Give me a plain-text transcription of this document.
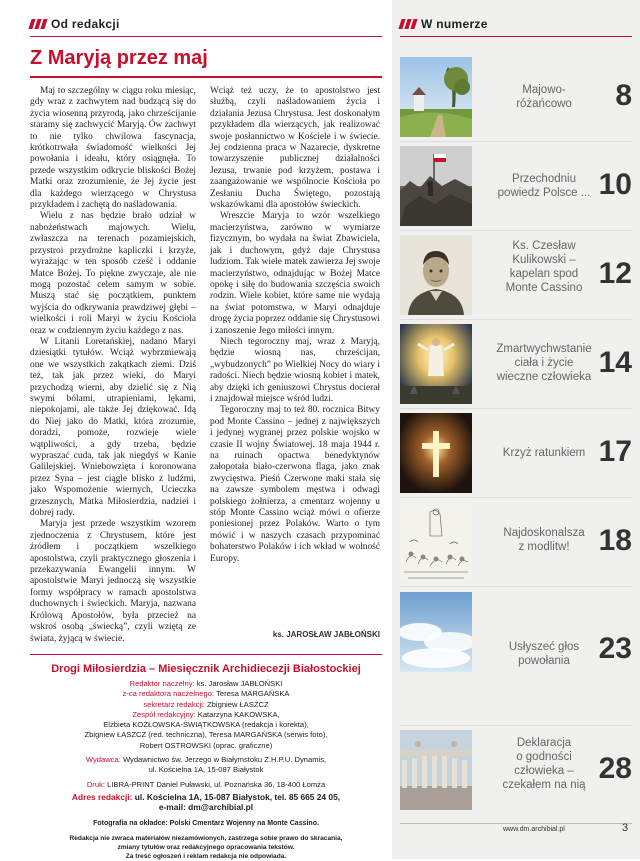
Od redakcji	W numerze
Z Maryją przez maj

Maj to szczególny w ciągu roku miesiąc, gdy wraz z zachwytem nad budzącą się do życia wiosenną przyrodą, jako chrześcijanie staramy się zachwycić Maryją. Ów zachwyt to nie tylko chwilowa fascynacja, krótkotrwała świadomość wielkości Jej powołania i ideału, który osiągnęła. To przede wszystkim odkrycie bliskości Bożej Matki oraz zrozumienie, że Jej życie jest dla każdego wierzącego w Chrystusa przykładem i zachętą do naśladowania.

Wielu z nas będzie brało udział w nabożeństwach majowych. Wielu, zwłaszcza na terenach pozamiejskich, przystroi przydrożne kapliczki i krzyże, wyrażając w ten sposób cześć i oddanie Matce Bożej. To piękne zwyczaje, ale nie mogą pozostać celem samym w sobie. Muszą stać się początkiem, punktem wyjścia do odkrywania prawdziwej głębi – wielkości i roli Maryi w życiu Kościoła oraz w codziennym życiu każdego z nas.

W Litanii Loretańskiej, nadano Maryi dziesiątki tytułów. Wciąż wybrzmiewają one we wszystkich zakątkach ziemi. Dziś też, tak jak przez wieki, do Maryi przychodzą wierni, aby dzielić się z Nią swymi bólami, utrapieniami, lękami, niepokojami, ale także Jej dziękować. Idą do Niej jako do Matki, która zrozumie, doradzi, pomoże, rozwieje wiele wątpliwości, a gdy trzeba, będzie wypraszać cuda, tak jak niegdyś w Kanie Galilejskiej. Wniebowzięta i koronowana przez Syna – jest ciągle blisko z ludźmi, jako Wspomożenie wiernych, Ucieczka grzesznych, Matka Miłosierdzia, nadziei i dobrej rady.

Maryja jest przede wszystkim wzorem zjednoczenia z Chrystusem, które jest źródłem i początkiem wszelkiego apostolstwa, czyli praktycznego głoszenia i przekazywania Ewangelii innym. W apostolstwie Maryi jednoczą się wszystkie formy współpracy w ramach apostolstwa duchownych i świeckich. Maryja, nazwana Królową Apostołów, była przecież na wskroś osobą „świecką”, czyli wziętą ze świata, żyjącą w świecie.

Wciąż też uczy, że to apostolstwo jest służbą, czyli naśladowaniem życia i działania Jezusa Chrystusa. Jest doskonałym przykładem dla wierzących, jak realizować swoje posłannictwo w Kościele i w świecie. Jej codzienna praca w Nazarecie, dyskretne towarzyszenie publicznej działalności Jezusa, trwanie pod krzyżem, postawa i zaangażowanie we wspólnocie Kościoła po Zesłaniu Ducha Świętego, pozostają wskazówkami dla apostołów świeckich.

Wreszcie Maryja to wzór wszelkiego macierzyństwa, zarówno w wymiarze fizycznym, bo wydała na świat Zbawiciela, jak i duchowym, gdyż daje Chrystusa ludziom. Tak wiele matek zawierza Jej swoje macierzyństwo, odnajdując w Bożej Matce opokę i siłę do budowania szczęścia swoich rodzin. Wiele kobiet, które same nie wydają na świat potomstwa, w Maryi odnajduje drogę życia poprzez oddanie się Chrystusowi i zanoszenie Jego miłości innym.

Niech tegoroczny maj, wraz z Maryją, będzie wiosną nas, chrześcijan, „wybudzonych” po Wielkiej Nocy do wiary i radości. Niech będzie wiosną kobiet i matek, aby dzięki ich geniuszowi Chrystus docierał i znajdował miejsce wśród ludzi.

Tegoroczny maj to też 80. rocznica Bitwy pod Monte Cassino – jednej z największych i jedynej wygranej przez polskie wojsko w czasie II wojny Światowej. 18 maja 1944 r. na ruinach opactwa benedyktynów załopotała biało-czerwona flaga, jako znak zwycięstwa. Pieśń Czerwone maki stała się na zawsze symbolem męstwa i odwagi polskiego żołnierza, a cmentarz wojenny u stóp Monte Cassino wciąż mówi o ofierze poniesionej przez Polaków. Warto o tym mówić i w naszych czasach przypominać bohaterstwo Polaków i ich wkład w wolność Europy.

ks. JAROSŁAW JABŁOŃSKI
Drogi Miłosierdzia – Miesięcznik Archidiecezji Białostockiej
Redaktor naczelny: ks. Jarosław JABŁOŃSKI
z-ca redaktora naczelnego: Teresa MARGAŃSKA
sekretarz redakcji: Zbigniew ŁASZCZ
Zespół redakcyjny: Katarzyna KAKOWSKA,
Elżbieta KOZŁOWSKA-ŚWIĄTKOWSKA (redakcja i korekta),
Zbigniew ŁASZCZ (red. techniczna), Teresa MARGAŃSKA (serwis foto),
Robert OSTROWSKI (oprac. graficzne)
Wydawca: Wydawnictwo św. Jerzego w Białymstoku Z.H.P.U. Dynamis,
ul. Kościelna 1A, 15-087 Białystok
Druk: LIBRA-PRINT Daniel Puławski, ul. Poznańska 36, 18-400 Łomża
Adres redakcji: ul. Kościelna 1A, 15-087 Białystok, tel. 85 665 24 05,
e-mail: dm@archibial.pl
Fotografia na okładce: Polski Cmentarz Wojenny na Monte Cassino.
Redakcja nie zwraca materiałów niezamówionych, zastrzega sobie prawo do skracania,
zmiany tytułów oraz redakcyjnego opracowania tekstów.
Za treść ogłoszeń i reklam redakcja nie odpowiada.
Majowo-
różańcowo	8
Przechodniu
powiedz Polsce ... 10
Ks. Czesław
Kulikowski –
kapelan spod
Monte Cassino 12
Zmartwychwstanie
ciała i życie
wieczne człowieka 14
Krzyż ratunkiem 17
Najdoskonalsza
z modlitw! 18
Usłyszeć głos
powołania 23
Deklaracja
o godności
człowieka –
czekałem na nią 28
www.dm.archibial.pl	3
